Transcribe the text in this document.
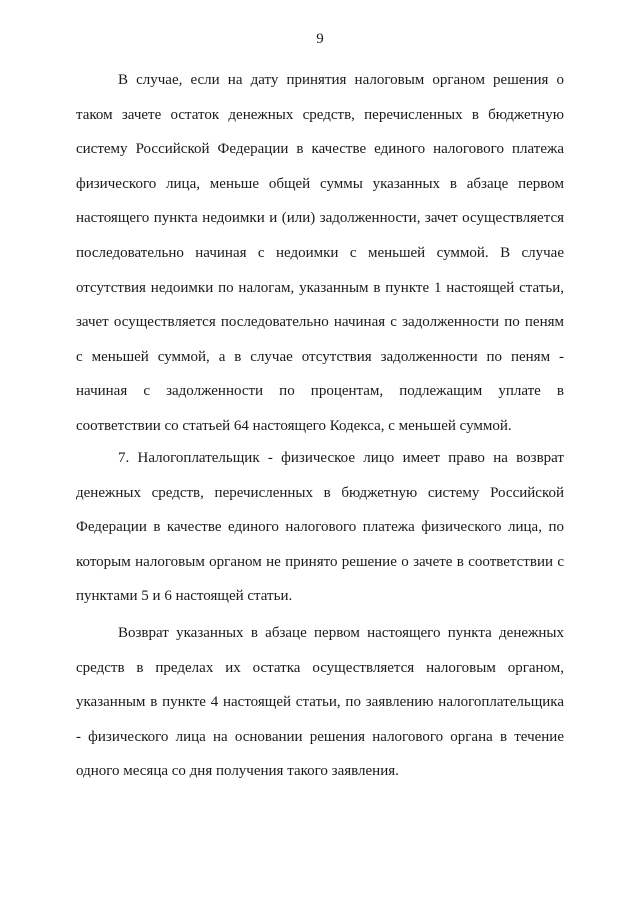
9

В случае, если на дату принятия налоговым органом решения о таком зачете остаток денежных средств, перечисленных в бюджетную систему Российской Федерации в качестве единого налогового платежа физического лица, меньше общей суммы указанных в абзаце первом настоящего пункта недоимки и (или) задолженности, зачет осуществляется последовательно начиная с недоимки с меньшей суммой. В случае отсутствия недоимки по налогам, указанным в пункте 1 настоящей статьи, зачет осуществляется последовательно начиная с задолженности по пеням с меньшей суммой, а в случае отсутствия задолженности по пеням - начиная с задолженности по процентам, подлежащим уплате в соответствии со статьей 64 настоящего Кодекса, с меньшей суммой.

7. Налогоплательщик - физическое лицо имеет право на возврат денежных средств, перечисленных в бюджетную систему Российской Федерации в качестве единого налогового платежа физического лица, по которым налоговым органом не принято решение о зачете в соответствии с пунктами 5 и 6 настоящей статьи.

Возврат указанных в абзаце первом настоящего пункта денежных средств в пределах их остатка осуществляется налоговым органом, указанным в пункте 4 настоящей статьи, по заявлению налогоплательщика - физического лица на основании решения налогового органа в течение одного месяца со дня получения такого заявления.
